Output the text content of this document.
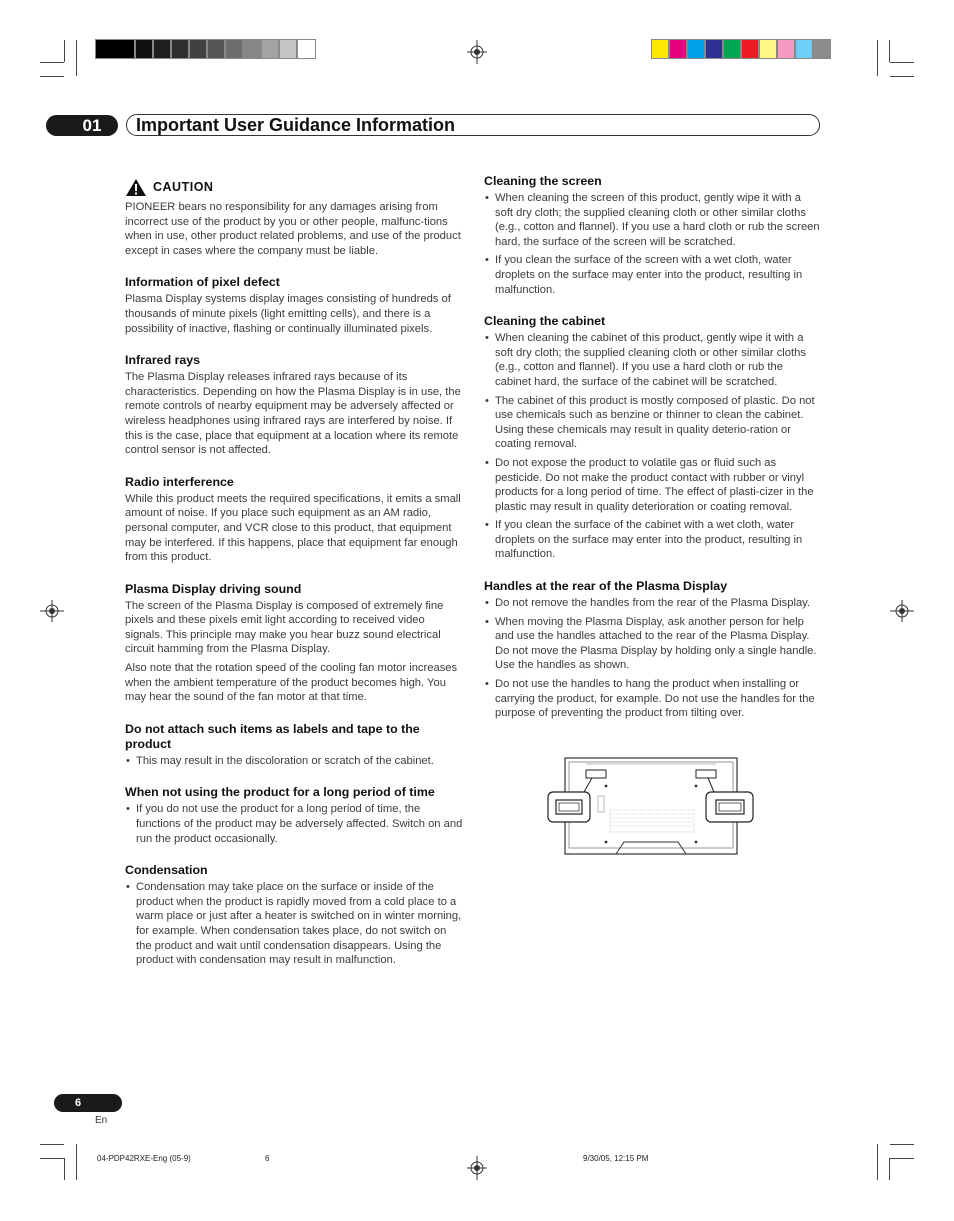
01	Important User Guidance Information
CAUTION

PIONEER bears no responsibility for any damages arising from incorrect use of the product by you or other people, malfunc-tions when in use, other product related problems, and use of the product except in cases where the company must be liable.

Information of pixel defect

Plasma Display systems display images consisting of hundreds of thousands of minute pixels (light emitting cells), and there is a possibility of inactive, flashing or continually illuminated pixels.

Infrared rays

The Plasma Display releases infrared rays because of its characteristics. Depending on how the Plasma Display is in use, the remote controls of nearby equipment may be adversely affected or wireless headphones using infrared rays are interfered by noise. If this is the case, place that equipment at a location where its remote control sensor is not affected.

Radio interference

While this product meets the required specifications, it emits a small amount of noise. If you place such equipment as an AM radio, personal computer, and VCR close to this product, that equipment may be interfered. If this happens, place that equipment far enough from this product.

Plasma Display driving sound

The screen of the Plasma Display is composed of extremely fine pixels and these pixels emit light according to received video signals. This principle may make you hear buzz sound electrical circuit hamming from the Plasma Display.

Also note that the rotation speed of the cooling fan motor increases when the ambient temperature of the product becomes high. You may hear the sound of the fan motor at that time.

Do not attach such items as labels and tape to the product
• This may result in the discoloration or scratch of the cabinet.
When not using the product for a long period of time
• If you do not use the product for a long period of time, the functions of the product may be adversely affected. Switch on and run the product occasionally.
Condensation
• Condensation may take place on the surface or inside of the product when the product is rapidly moved from a cold place to a warm place or just after a heater is switched on in winter morning, for example. When condensation takes place, do not switch on the product and wait until condensation disappears. Using the product with condensation may result in malfunction.
Cleaning the screen
• When cleaning the screen of this product, gently wipe it with a soft dry cloth; the supplied cleaning cloth or other similar cloths (e.g., cotton and flannel). If you use a hard cloth or rub the screen hard, the surface of the screen will be scratched.
• If you clean the surface of the screen with a wet cloth, water droplets on the surface may enter into the product, resulting in malfunction.
Cleaning the cabinet
• When cleaning the cabinet of this product, gently wipe it with a soft dry cloth; the supplied cleaning cloth or other similar cloths (e.g., cotton and flannel). If you use a hard cloth or rub the cabinet hard, the surface of the cabinet will be scratched.
• The cabinet of this product is mostly composed of plastic. Do not use chemicals such as benzine or thinner to clean the cabinet. Using these chemicals may result in quality deterio-ration or coating removal.
• Do not expose the product to volatile gas or fluid such as pesticide. Do not make the product contact with rubber or vinyl products for a long period of time. The effect of plasti-cizer in the plastic may result in quality deterioration or coating removal.
• If you clean the surface of the cabinet with a wet cloth, water droplets on the surface may enter into the product, resulting in malfunction.
Handles at the rear of the Plasma Display
• Do not remove the handles from the rear of the Plasma Display.
• When moving the Plasma Display, ask another person for help and use the handles attached to the rear of the Plasma Display. Do not move the Plasma Display by holding only a single handle. Use the handles as shown.
• Do not use the handles to hang the product when installing or carrying the product, for example. Do not use the handles for the purpose of preventing the product from tilting over.
6
En
04-PDP42RXE-Eng (05-9)	6	9/30/05, 12:15 PM
